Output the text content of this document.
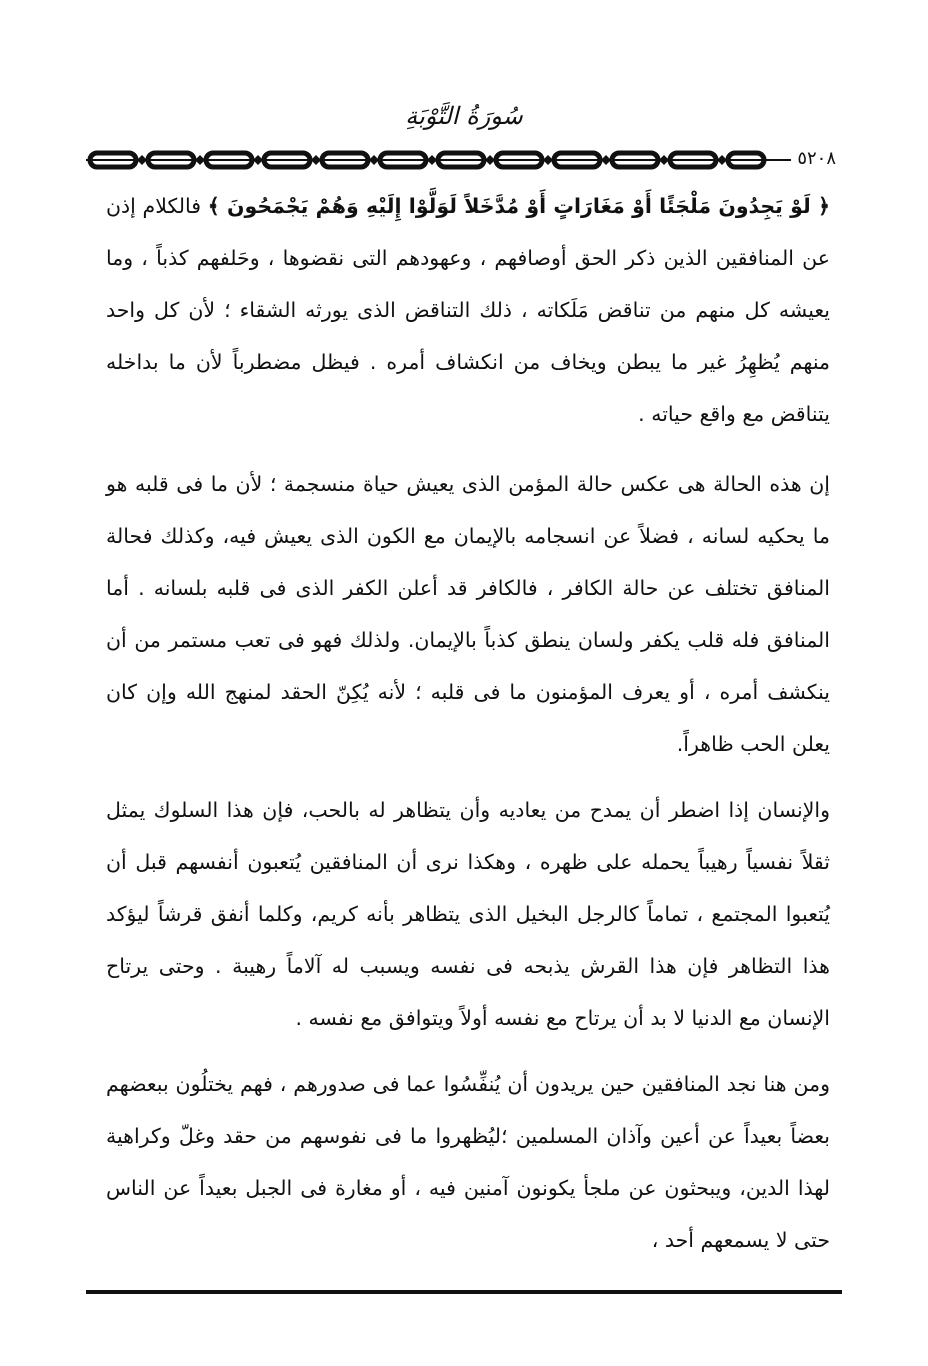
سُورَةُ التَّوْبَةِ
٥٢٠٨

﴿ لَوْ يَجِدُونَ مَلْجَئًا أَوْ مَغَارَاتٍ أَوْ مُدَّخَلاً لَوَلَّوْا إِلَيْهِ وَهُمْ يَجْمَحُونَ ﴾ فالكلام إذن عن المنافقين الذين ذكر الحق أوصافهم ، وعهودهم التى نقضوها ، وحَلفهم كذباً ، وما يعيشه كل منهم من تناقض مَلَكاته ، ذلك التناقض الذى يورثه الشقاء ؛ لأن كل واحد منهم يُظهِرُ غير ما يبطن ويخاف من انكشاف أمره . فيظل مضطرباً لأن ما بداخله يتناقض مع واقع حياته .

إن هذه الحالة هى عكس حالة المؤمن الذى يعيش حياة منسجمة ؛ لأن ما فى قلبه هو ما يحكيه لسانه ، فضلاً عن انسجامه بالإيمان مع الكون الذى يعيش فيه، وكذلك فحالة المنافق تختلف عن حالة الكافر ، فالكافر قد أعلن الكفر الذى فى قلبه بلسانه . أما المنافق فله قلب يكفر ولسان ينطق كذباً بالإيمان. ولذلك فهو فى تعب مستمر من أن ينكشف أمره ، أو يعرف المؤمنون ما فى قلبه ؛ لأنه يُكِنّ الحقد لمنهج الله وإن كان يعلن الحب ظاهراً.

والإنسان إذا اضطر أن يمدح من يعاديه وأن يتظاهر له بالحب، فإن هذا السلوك يمثل ثقلاً نفسياً رهيباً يحمله على ظهره ، وهكذا نرى أن المنافقين يُتعبون أنفسهم قبل أن يُتعبوا المجتمع ، تماماً كالرجل البخيل الذى يتظاهر بأنه كريم، وكلما أنفق قرشاً ليؤكد هذا التظاهر فإن هذا القرش يذبحه فى نفسه ويسبب له آلاماً رهيبة . وحتى يرتاح الإنسان مع الدنيا لا بد أن يرتاح مع نفسه أولاً ويتوافق مع نفسه .

ومن هنا نجد المنافقين حين يريدون أن يُنفِّسُوا عما فى صدورهم ، فهم يختلُون ببعضهم بعضاً بعيداً عن أعين وآذان المسلمين ؛ليُظهروا ما فى نفوسهم من حقد وغلّ وكراهية لهذا الدين، ويبحثون عن ملجأ يكونون آمنين فيه ، أو مغارة فى الجبل بعيداً عن الناس حتى لا يسمعهم أحد ،
